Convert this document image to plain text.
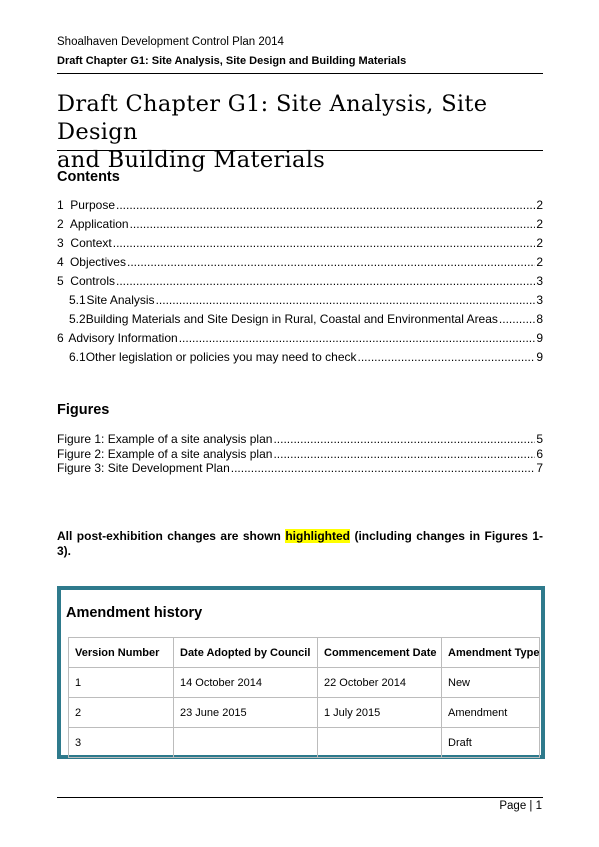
Shoalhaven Development Control Plan 2014
Draft Chapter G1: Site Analysis, Site Design and Building Materials
Draft Chapter G1: Site Analysis, Site Design
and Building Materials
Contents
1 Purpose .....	2
2 Application .....	2
3 Context .....	2
4 Objectives .....	2
5 Controls .....	3
5.1 Site Analysis .....	3
5.2 Building Materials and Site Design in Rural, Coastal and Environmental Areas .....	8
6 Advisory Information .....	9
6.1 Other legislation or policies you may need to check .....	9
Figures
Figure 1: Example of a site analysis plan .....	5
Figure 2: Example of a site analysis plan .....	6
Figure 3: Site Development Plan .....	7
All post-exhibition changes are shown highlighted (including changes in Figures 1-3).
Amendment history
Version Number	Date Adopted by Council	Commencement Date	Amendment Type
1	14 October 2014	22 October 2014	New
2	23 June 2015	1 July 2015	Amendment
3			Draft
Page | 1
